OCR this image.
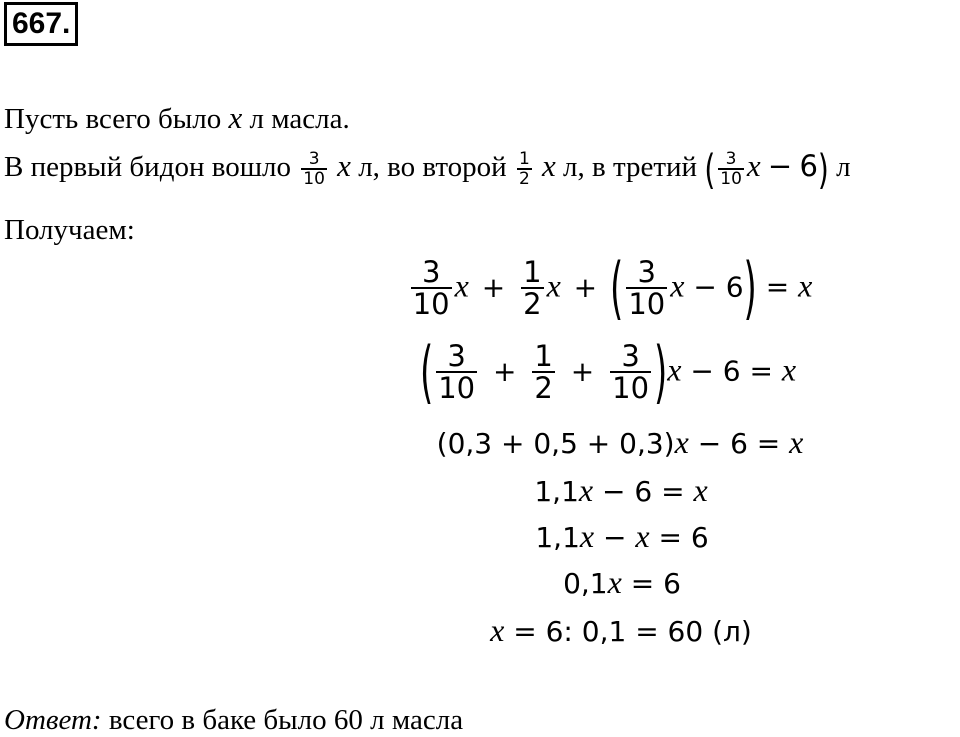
667.
Пусть всего было x л масла.
В первый бидон вошло $\frac{3}{10}$ x л, во второй $\frac{1}{2}$ x л, в третий ( $\frac{3}{10}$ x − 6) л
Получаем:
$\frac{3}{10}$ $x + \frac{1}{2}$ x + ( $\frac{3}{10}$ x − 6) = x
( $\frac{3}{10} + \frac{1}{2} + \frac{3}{10} )x - 6 = x$
(0,3 + 0,5 + 0,3)x − 6 = x
1,1x − 6 = x
1,1x − x = 6
0,1x = 6
x = 6: 0,1 = 60 (л)
Ответ: всего в баке было 60 л масла
